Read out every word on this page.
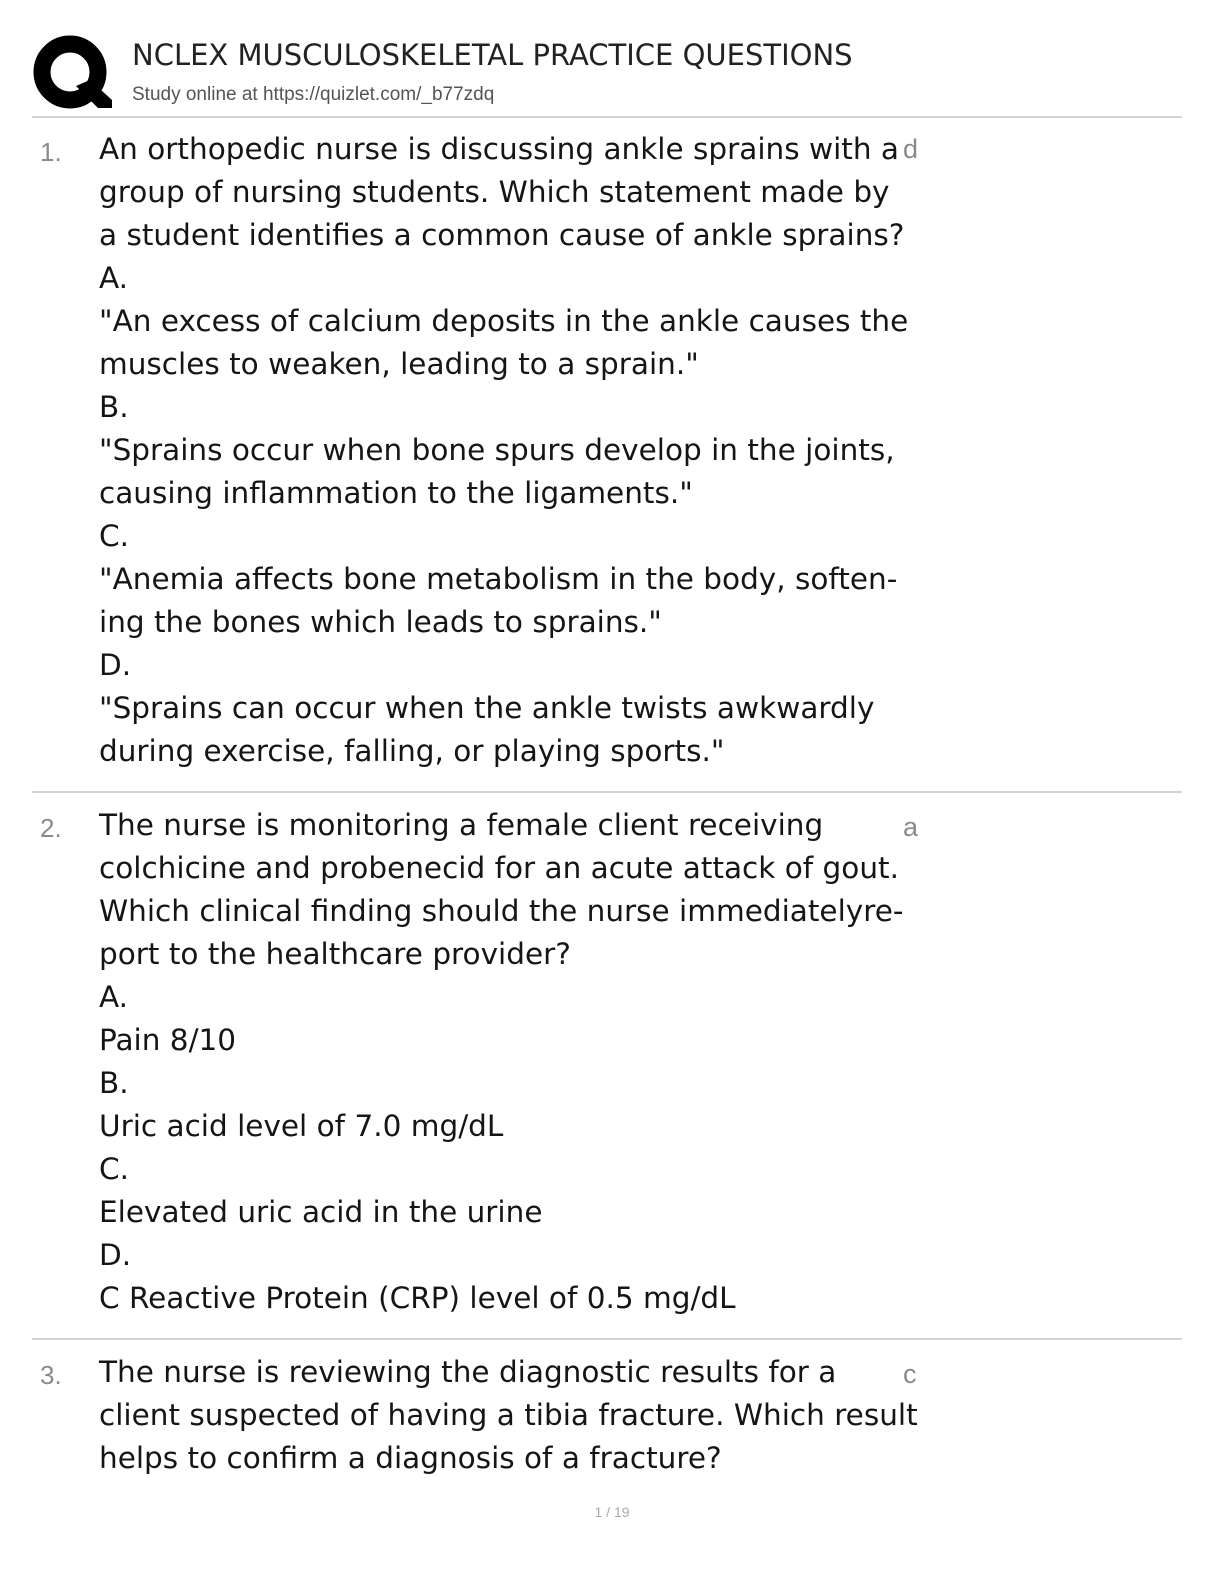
NCLEX MUSCULOSKELETAL PRACTICE QUESTIONS
Study online at https://quizlet.com/_b77zdq
1. An orthopedic nurse is discussing ankle sprains with a
group of nursing students. Which statement made by
a student identifies a common cause of ankle sprains?
A.
"An excess of calcium deposits in the ankle causes the
muscles to weaken, leading to a sprain."
B.
"Sprains occur when bone spurs develop in the joints,
causing inflammation to the ligaments."
C.
"Anemia affects bone metabolism in the body, soften-
ing the bones which leads to sprains."
D.
"Sprains can occur when the ankle twists awkwardly
during exercise, falling, or playing sports."
d
2. The nurse is monitoring a female client receiving
colchicine and probenecid for an acute attack of gout.
Which clinical finding should the nurse immediatelyre-
port to the healthcare provider?
A.
Pain 8/10
B.
Uric acid level of 7.0 mg/dL
C.
Elevated uric acid in the urine
D.
C Reactive Protein (CRP) level of 0.5 mg/dL
a
3. The nurse is reviewing the diagnostic results for a
client suspected of having a tibia fracture. Which result
helps to confirm a diagnosis of a fracture?
c
1 / 19
